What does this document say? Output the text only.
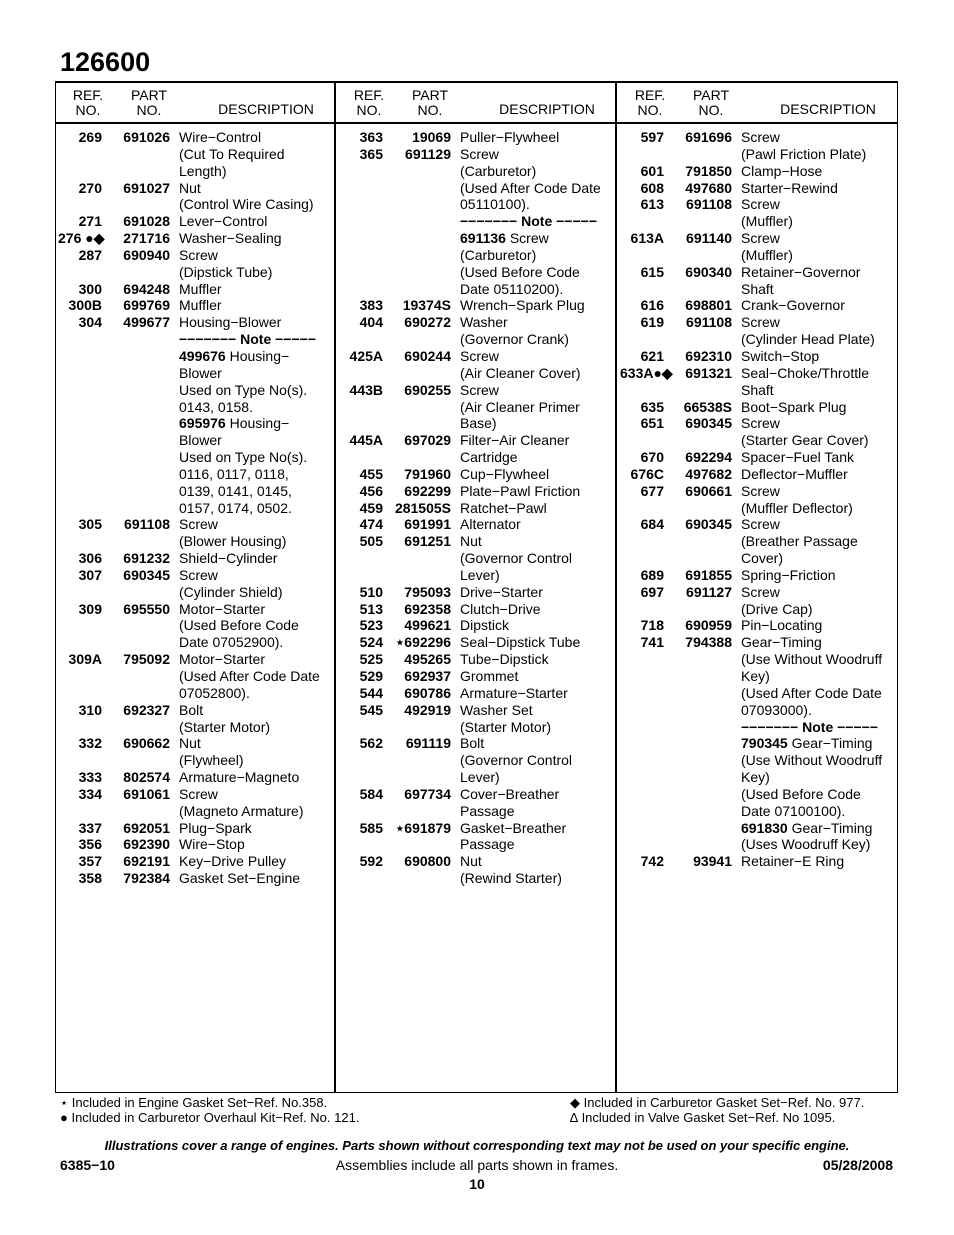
126600
REF.
NO.
PART
NO.	DESCRIPTION
REF.
NO.
PART
NO.	DESCRIPTION
REF.
NO.
PART
NO.	DESCRIPTION
269	691026 Wire−Control
(Cut To Required
Length)
270	691027 Nut
(Control Wire Casing)
271	691028 Lever−Control
276 ●◆	271716 Washer−Sealing
287	690940 Screw
(Dipstick Tube)
300	694248 Muffler
300B	699769 Muffler
304	499677 Housing−Blower
−−−−−−− Note −−−−−
499676 Housing−
Blower
Used on Type No(s).
0143, 0158.
695976 Housing−
Blower
Used on Type No(s).
0116, 0117, 0118,
0139, 0141, 0145,
0157, 0174, 0502.
305	691108 Screw
(Blower Housing)
306	691232 Shield−Cylinder
307	690345 Screw
(Cylinder Shield)
309	695550 Motor−Starter
(Used Before Code
Date 07052900).
309A	795092 Motor−Starter
(Used After Code Date
07052800).
310	692327 Bolt
(Starter Motor)
332	690662 Nut
(Flywheel)
333	802574 Armature−Magneto
334	691061 Screw
(Magneto Armature)
337	692051 Plug−Spark
356	692390 Wire−Stop
357	692191 Key−Drive Pulley
358	792384 Gasket Set−Engine
363	19069 Puller−Flywheel
365	691129 Screw
(Carburetor)
(Used After Code Date
05110100).
−−−−−−− Note −−−−−
691136 Screw
(Carburetor)
(Used Before Code
Date 05110200).
383	19374S Wrench−Spark Plug
404	690272 Washer
(Governor Crank)
425A	690244 Screw
(Air Cleaner Cover)
443B	690255 Screw
(Air Cleaner Primer
Base)
445A	697029 Filter−Air Cleaner
Cartridge
455	791960 Cup−Flywheel
456	692299 Plate−Pawl Friction
459 281505S Ratchet−Pawl
474	691991 Alternator
505	691251 Nut
(Governor Control
Lever)
510	795093 Drive−Starter
513	692358 Clutch−Drive
523	499621 Dipstick
524 ⋆692296 Seal−Dipstick Tube
525	495265 Tube−Dipstick
529	692937 Grommet
544	690786 Armature−Starter
545	492919 Washer Set
(Starter Motor)
562	691119 Bolt
(Governor Control
Lever)
584	697734 Cover−Breather
Passage
585 ⋆691879 Gasket−Breather
Passage
592	690800 Nut
(Rewind Starter)
597	691696 Screw
(Pawl Friction Plate)
601	791850 Clamp−Hose
608	497680 Starter−Rewind
613	691108 Screw
(Muffler)
613A	691140 Screw
(Muffler)
615	690340 Retainer−Governor
Shaft
616	698801 Crank−Governor
619	691108 Screw
(Cylinder Head Plate)
621	692310 Switch−Stop
633A●◆ 691321 Seal−Choke/Throttle
Shaft
635	66538S Boot−Spark Plug
651	690345 Screw
(Starter Gear Cover)
670	692294 Spacer−Fuel Tank
676C	497682 Deflector−Muffler
677	690661 Screw
(Muffler Deflector)
684	690345 Screw
(Breather Passage
Cover)
689	691855 Spring−Friction
697	691127 Screw
(Drive Cap)
718	690959 Pin−Locating
741	794388 Gear−Timing
(Use Without Woodruff
Key)
(Used After Code Date
07093000).
−−−−−−− Note −−−−−
790345 Gear−Timing
(Use Without Woodruff
Key)
(Used Before Code
Date 07100100).
691830 Gear−Timing
(Uses Woodruff Key)
742	93941 Retainer−E Ring
⋆ Included in Engine Gasket Set−Ref. No.358.
● Included in Carburetor Overhaul Kit−Ref. No. 121.
◆ Included in Carburetor Gasket Set−Ref. No. 977.
∆ Included in Valve Gasket Set−Ref. No 1095.
Illustrations cover a range of engines. Parts shown without corresponding text may not be used on your specific engine.
6385−10	Assemblies include all parts shown in frames.	05/28/2008
10
